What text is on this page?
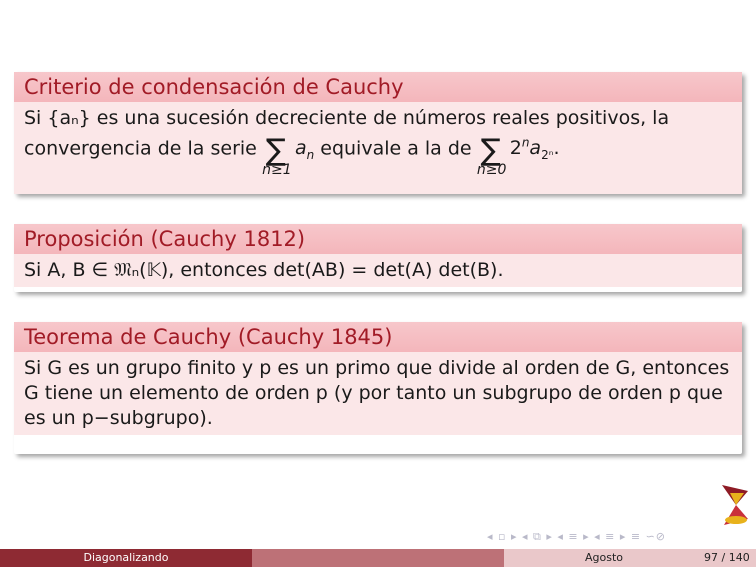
Criterio de condensación de Cauchy
Si {aₙ} es una sucesión decreciente de números reales positivos, la
convergencia de la serie ∑
n≥1
$a_n$ equivale a la de ∑
n≥0
$2^na_{2^n}$.
Proposición (Cauchy 1812)
Si A, B ∈ 𝔐ₙ(𝕂), entonces det(AB) = det(A) det(B).
Teorema de Cauchy (Cauchy 1845)
Si G es un grupo finito y p es un primo que divide al orden de G, entonces
G tiene un elemento de orden p (y por tanto un subgrupo de orden p que
es un p−subgrupo).
◂ ▫ ▸ ◂ ⧉ ▸ ◂ ≡ ▸ ◂ ≡ ▸ ≡ ∽⊘
Diagonalizando	Agosto	97 / 140
